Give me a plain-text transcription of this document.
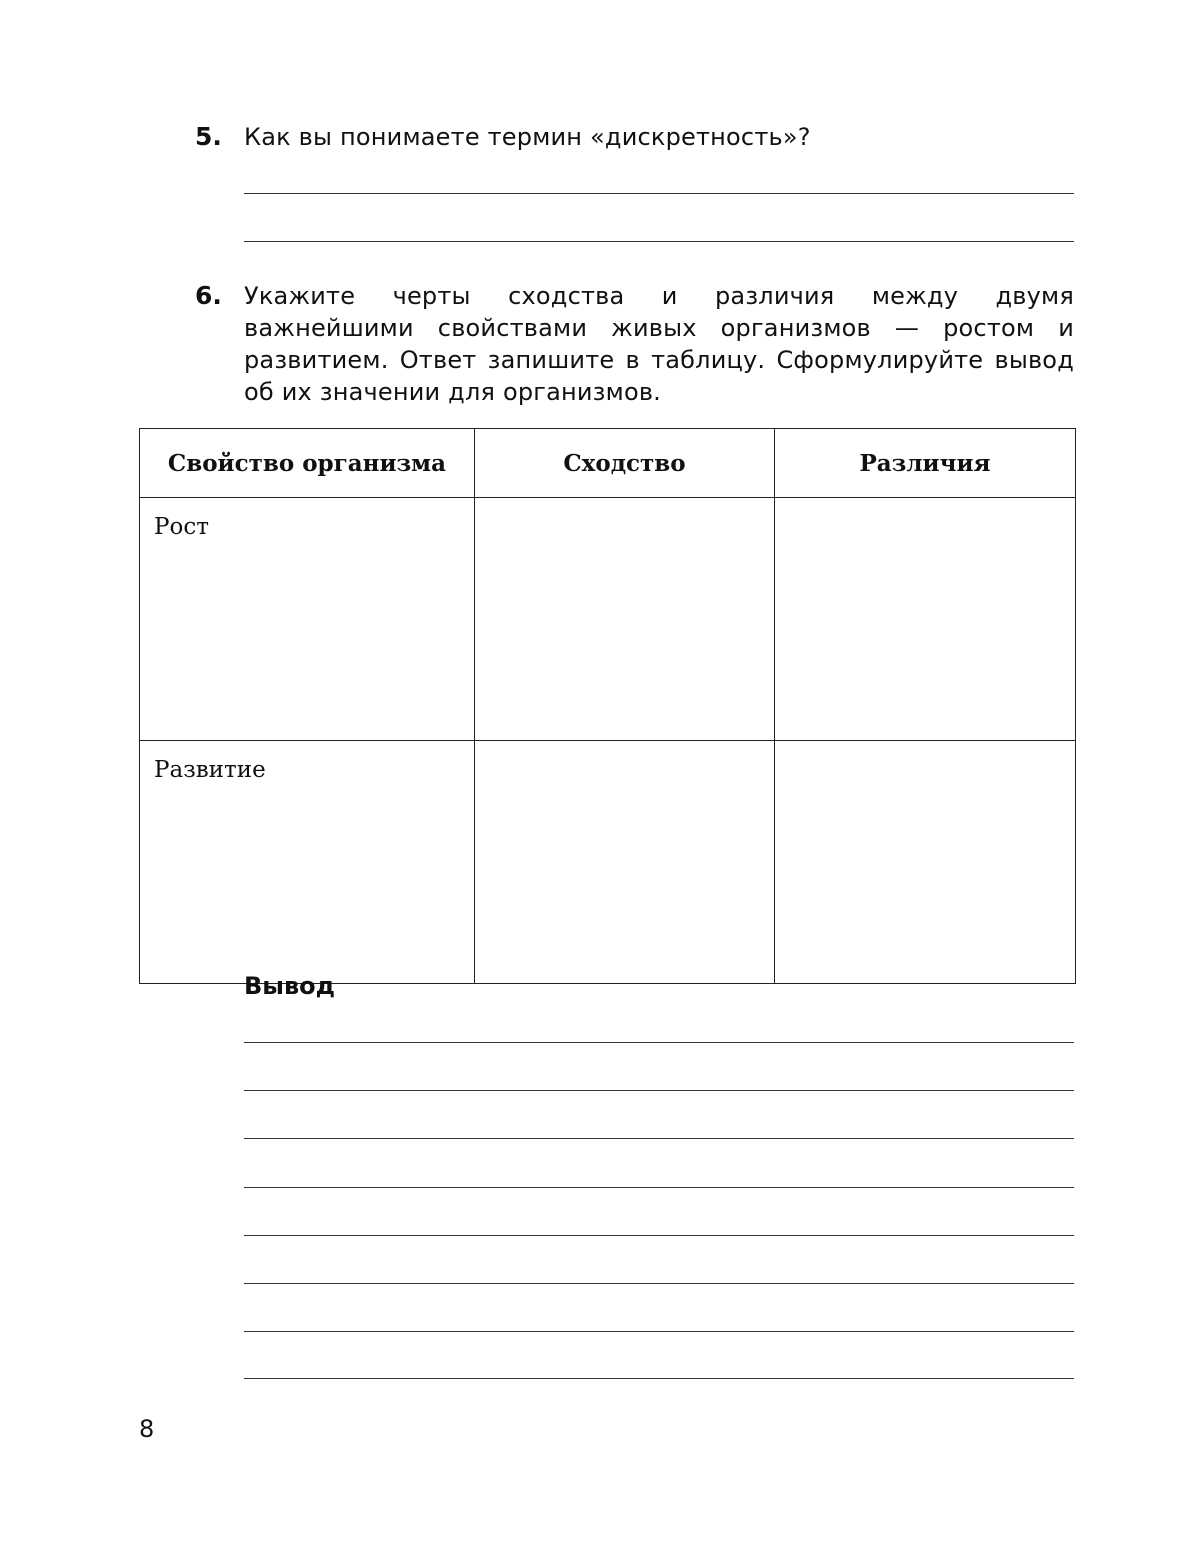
5. Как вы понимаете термин «дискретность»?
6. Укажите черты сходства и различия между двумя важнейшими свойствами живых организмов — ростом и развитием. Ответ запишите в таблицу. Сформулируйте вывод об их значении для организмов.
Свойство организма	Сходство	Различия
Рост		
Развитие		
Вывод
8
